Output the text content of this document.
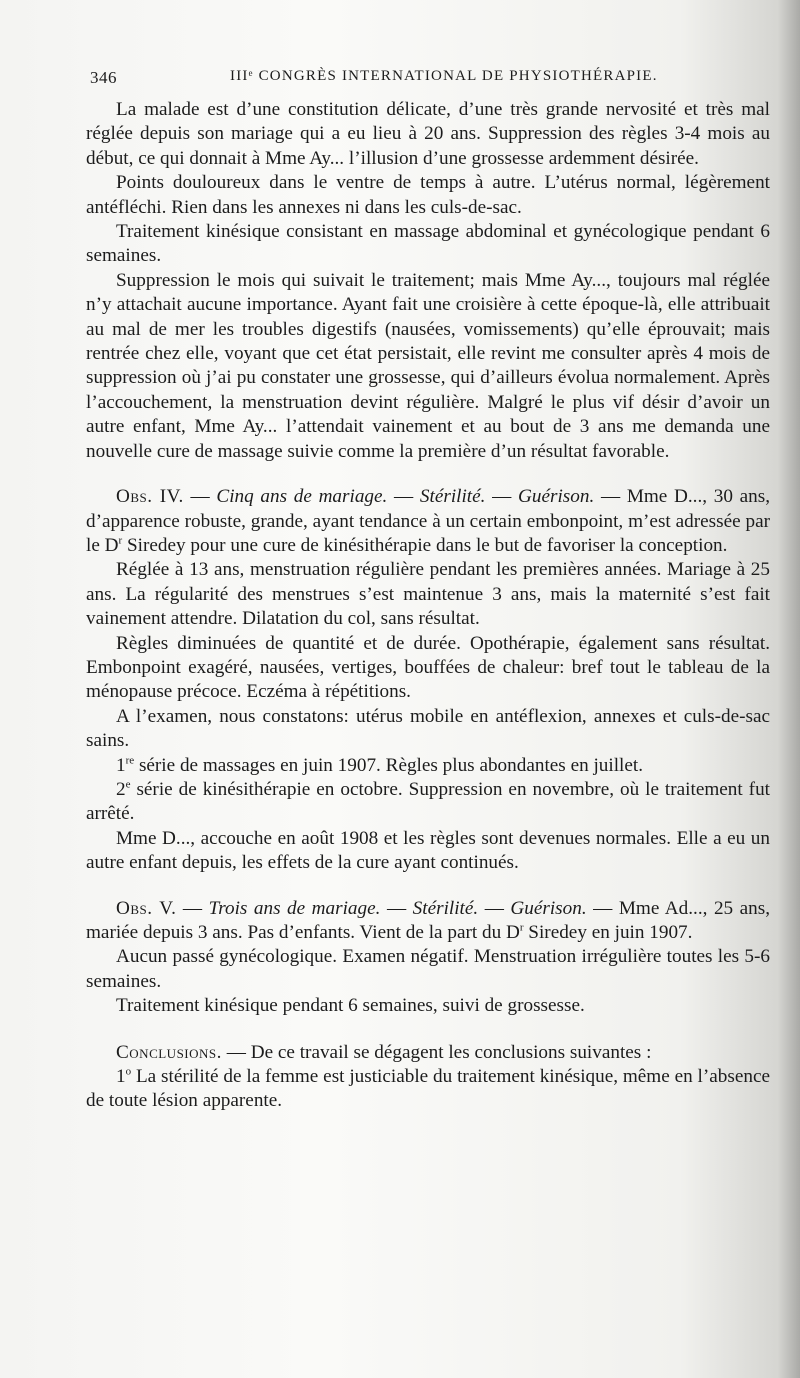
346	IIIᵉ CONGRÈS INTERNATIONAL DE PHYSIOTHÉRAPIE.

La malade est d’une constitution délicate, d’une très grande nervosité et très mal réglée depuis son mariage qui a eu lieu à 20 ans. Suppression des règles 3-4 mois au début, ce qui donnait à Mme Ay... l’illusion d’une grossesse ardemment désirée.

Points douloureux dans le ventre de temps à autre. L’utérus normal, légèrement antéfléchi. Rien dans les annexes ni dans les culs-de-sac.

Traitement kinésique consistant en massage abdominal et gynécologique pendant 6 semaines.

Suppression le mois qui suivait le traitement; mais Mme Ay..., toujours mal réglée n’y attachait aucune importance. Ayant fait une croisière à cette époque-là, elle attribuait au mal de mer les troubles digestifs (nausées, vomissements) qu’elle éprouvait; mais rentrée chez elle, voyant que cet état persistait, elle revint me consulter après 4 mois de suppression où j’ai pu constater une grossesse, qui d’ailleurs évolua normalement. Après l’accouchement, la menstruation devint régulière. Malgré le plus vif désir d’avoir un autre enfant, Mme Ay... l’attendait vainement et au bout de 3 ans me demanda une nouvelle cure de massage suivie comme la première d’un résultat favorable.

Obs. IV. — Cinq ans de mariage. — Stérilité. — Guérison. — Mme D..., 30 ans, d’apparence robuste, grande, ayant tendance à un certain embonpoint, m’est adressée par le $D^r$ Siredey pour une cure de kinésithérapie dans le but de favoriser la conception.

Réglée à 13 ans, menstruation régulière pendant les premières années. Mariage à 25 ans. La régularité des menstrues s’est maintenue 3 ans, mais la maternité s’est fait vainement attendre. Dilatation du col, sans résultat.

Règles diminuées de quantité et de durée. Opothérapie, également sans résultat. Embonpoint exagéré, nausées, vertiges, bouffées de chaleur: bref tout le tableau de la ménopause précoce. Eczéma à répétitions.

A l’examen, nous constatons: utérus mobile en antéflexion, annexes et culs-de-sac sains.

1re série de massages en juin 1907. Règles plus abondantes en juillet.

2e série de kinésithérapie en octobre. Suppression en novembre, où le traitement fut arrêté.

Mme D..., accouche en août 1908 et les règles sont devenues normales. Elle a eu un autre enfant depuis, les effets de la cure ayant continués.

Obs. V. — Trois ans de mariage. — Stérilité. — Guérison. — Mme Ad..., 25 ans, mariée depuis 3 ans. Pas d’enfants. Vient de la part du $D^r$ Siredey en juin 1907.

Aucun passé gynécologique. Examen négatif. Menstruation irrégulière toutes les 5-6 semaines.

Traitement kinésique pendant 6 semaines, suivi de grossesse.

Conclusions. — De ce travail se dégagent les conclusions suivantes :

1$^o$ La stérilité de la femme est justiciable du traitement kinésique, même en l’absence de toute lésion apparente.
